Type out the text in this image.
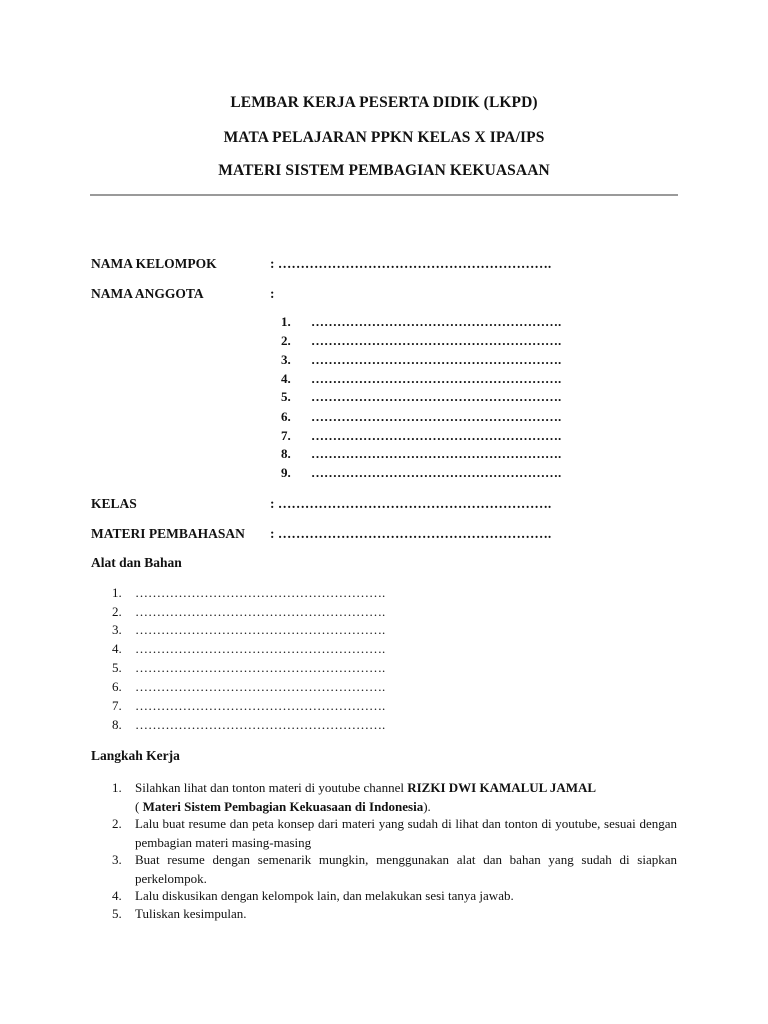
LEMBAR KERJA PESERTA DIDIK (LKPD)
MATA PELAJARAN PPKN KELAS X IPA/IPS
MATERI SISTEM PEMBAGIAN KEKUASAAN
NAMA KELOMPOK	: …………………………………………………….
NAMA ANGGOTA	:
1. ………………………………………………….
2. ………………………………………………….
3. ………………………………………………….
4. ………………………………………………….
5. ………………………………………………….
6. ………………………………………………….
7. ………………………………………………….
8. ………………………………………………….
9. ………………………………………………….
KELAS	: …………………………………………………….
MATERI PEMBAHASAN : …………………………………………………….
Alat dan Bahan
1. ………………………………………………….
2. ………………………………………………….
3. ………………………………………………….
4. ………………………………………………….
5. ………………………………………………….
6. ………………………………………………….
7. ………………………………………………….
8. ………………………………………………….
Langkah Kerja
1. Silahkan lihat dan tonton materi di youtube channel RIZKI DWI KAMALUL JAMAL
( Materi Sistem Pembagian Kekuasaan di Indonesia).
2. Lalu buat resume dan peta konsep dari materi yang sudah di lihat dan tonton di youtube, sesuai dengan pembagian materi masing-masing
3. Buat resume dengan semenarik mungkin, menggunakan alat dan bahan yang sudah di siapkan perkelompok.
4. Lalu diskusikan dengan kelompok lain, dan melakukan sesi tanya jawab.
5. Tuliskan kesimpulan.
